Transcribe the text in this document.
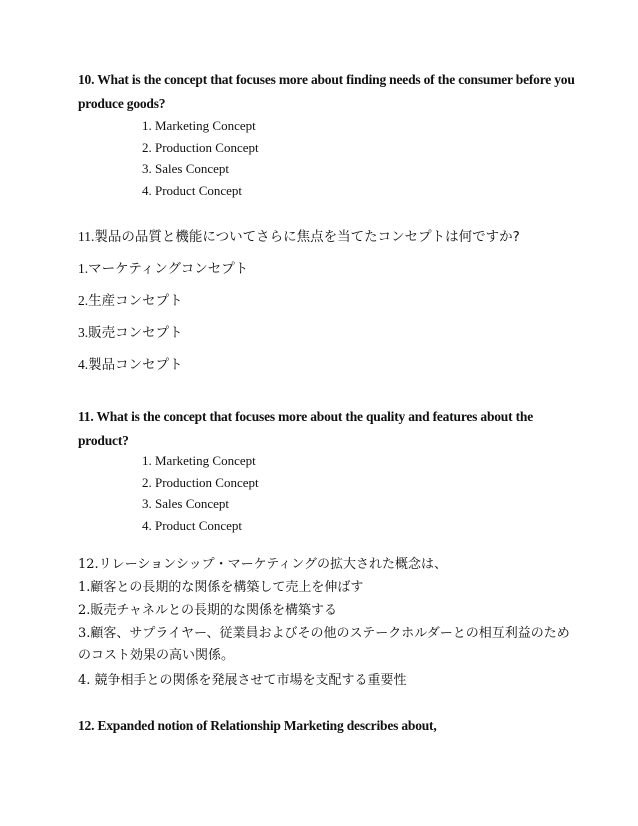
10. What is the concept that focuses more about finding needs of the consumer before you produce goods?

1. Marketing Concept
2. Production Concept
3. Sales Concept
4. Product Concept

11.製品の品質と機能についてさらに焦点を当てたコンセプトは何ですか?

1.マーケティングコンセプト

2.生産コンセプト

3.販売コンセプト

4.製品コンセプト

11. What is the concept that focuses more about the quality and features about the product?

1. Marketing Concept
2. Production Concept
3. Sales Concept
4. Product Concept

12.リレーションシップ・マーケティングの拡大された概念は、

1.顧客との長期的な関係を構築して売上を伸ばす

2.販売チャネルとの長期的な関係を構築する

3.顧客、サプライヤー、従業員およびその他のステークホルダーとの相互利益のためのコスト効果の高い関係。

4. 競争相手との関係を発展させて市場を支配する重要性

12. Expanded notion of Relationship Marketing describes about,
